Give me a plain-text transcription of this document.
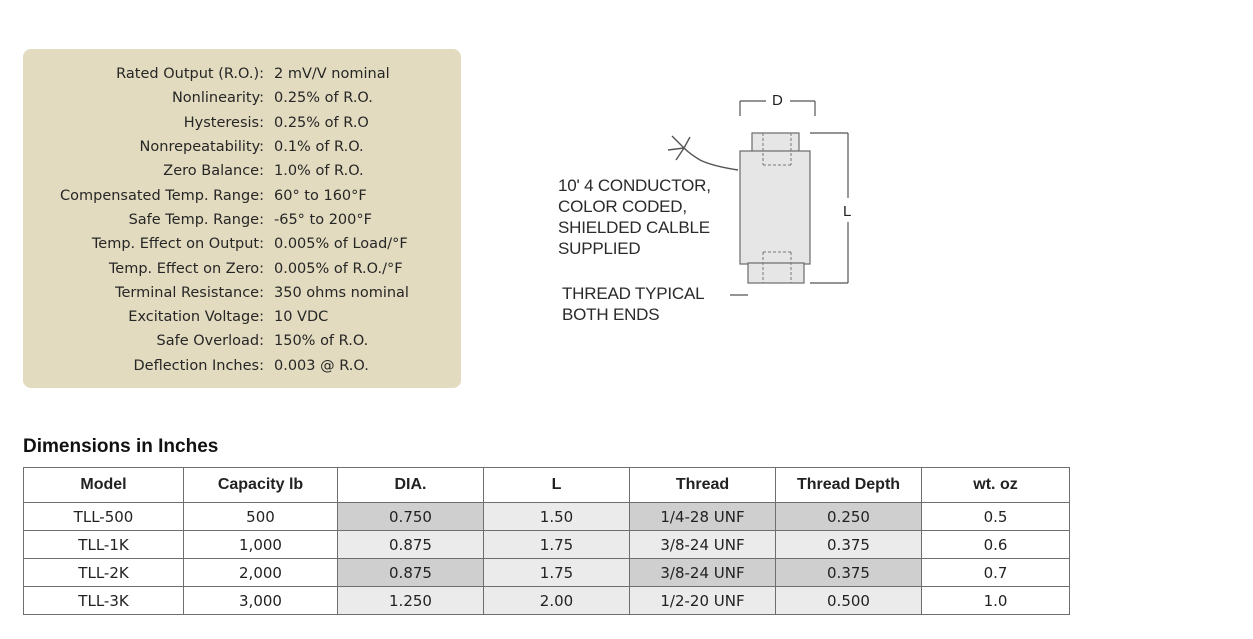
Rated Output (R.O.): 2 mV/V nominal
Nonlinearity: 0.25% of R.O.
Hysteresis: 0.25% of R.O
Nonrepeatability: 0.1% of R.O.
Zero Balance: 1.0% of R.O.
Compensated Temp. Range: 60° to 160°F
Safe Temp. Range: -65° to 200°F
Temp. Effect on Output: 0.005% of Load/°F
Temp. Effect on Zero: 0.005% of R.O./°F
Terminal Resistance: 350 ohms nominal
Excitation Voltage: 10 VDC
Safe Overload: 150% of R.O.
Deflection Inches: 0.003 @ R.O.
D
L
10' 4 CONDUCTOR,
COLOR CODED,
SHIELDED CALBLE
SUPPLIED
THREAD TYPICAL
BOTH ENDS
Dimensions in Inches
Model	Capacity lb	DIA.	L	Thread	Thread Depth	wt. oz
TLL-500	500	0.750	1.50	1/4-28 UNF	0.250	0.5
TLL-1K	1,000	0.875	1.75	3/8-24 UNF	0.375	0.6
TLL-2K	2,000	0.875	1.75	3/8-24 UNF	0.375	0.7
TLL-3K	3,000	1.250	2.00	1/2-20 UNF	0.500	1.0
